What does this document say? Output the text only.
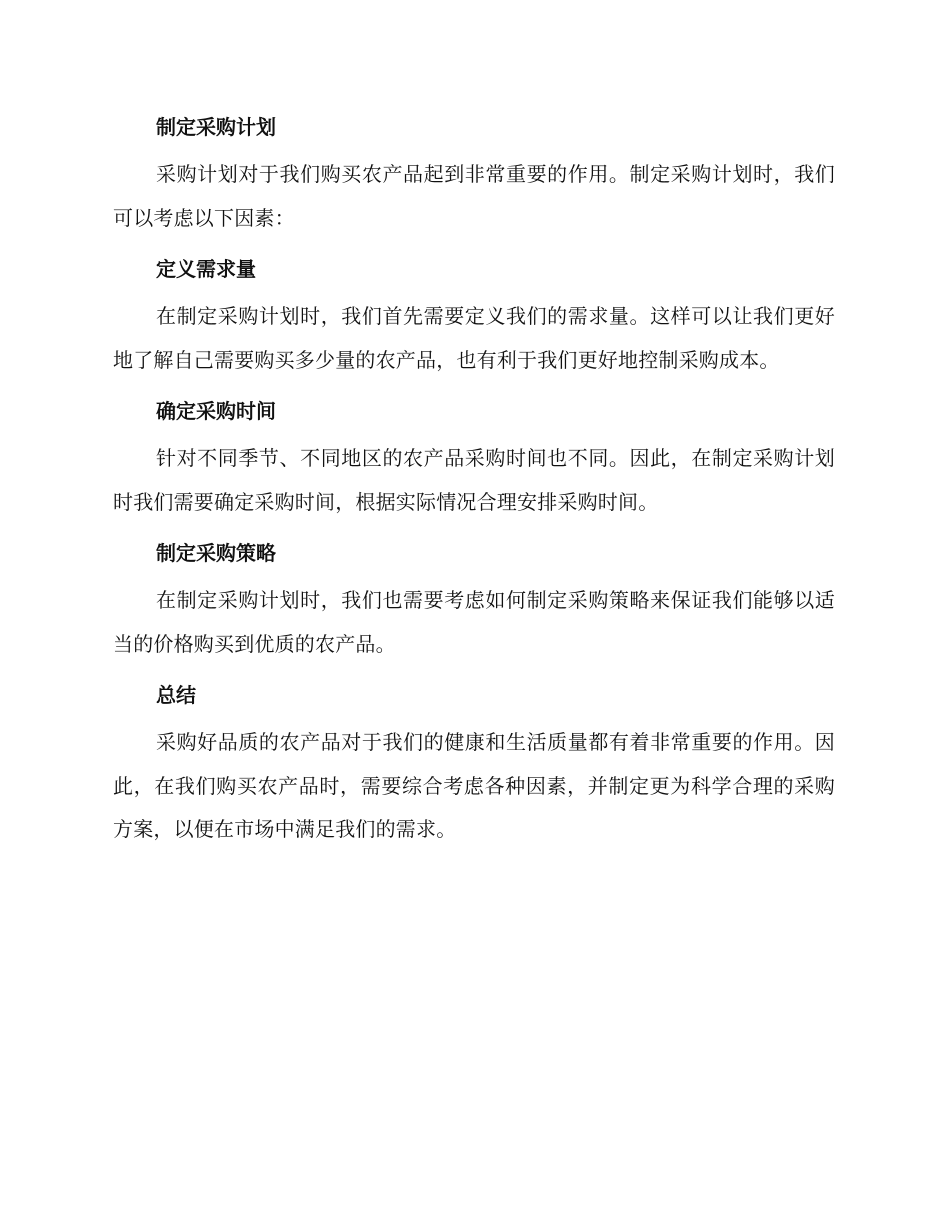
制定采购计划

采购计划对于我们购买农产品起到非常重要的作用。制定采购计划时，我们可以考虑以下因素：

定义需求量

在制定采购计划时，我们首先需要定义我们的需求量。这样可以让我们更好地了解自己需要购买多少量的农产品，也有利于我们更好地控制采购成本。

确定采购时间

针对不同季节、不同地区的农产品采购时间也不同。因此，在制定采购计划时我们需要确定采购时间，根据实际情况合理安排采购时间。

制定采购策略

在制定采购计划时，我们也需要考虑如何制定采购策略来保证我们能够以适当的价格购买到优质的农产品。

总结

采购好品质的农产品对于我们的健康和生活质量都有着非常重要的作用。因此，在我们购买农产品时，需要综合考虑各种因素，并制定更为科学合理的采购方案，以便在市场中满足我们的需求。
